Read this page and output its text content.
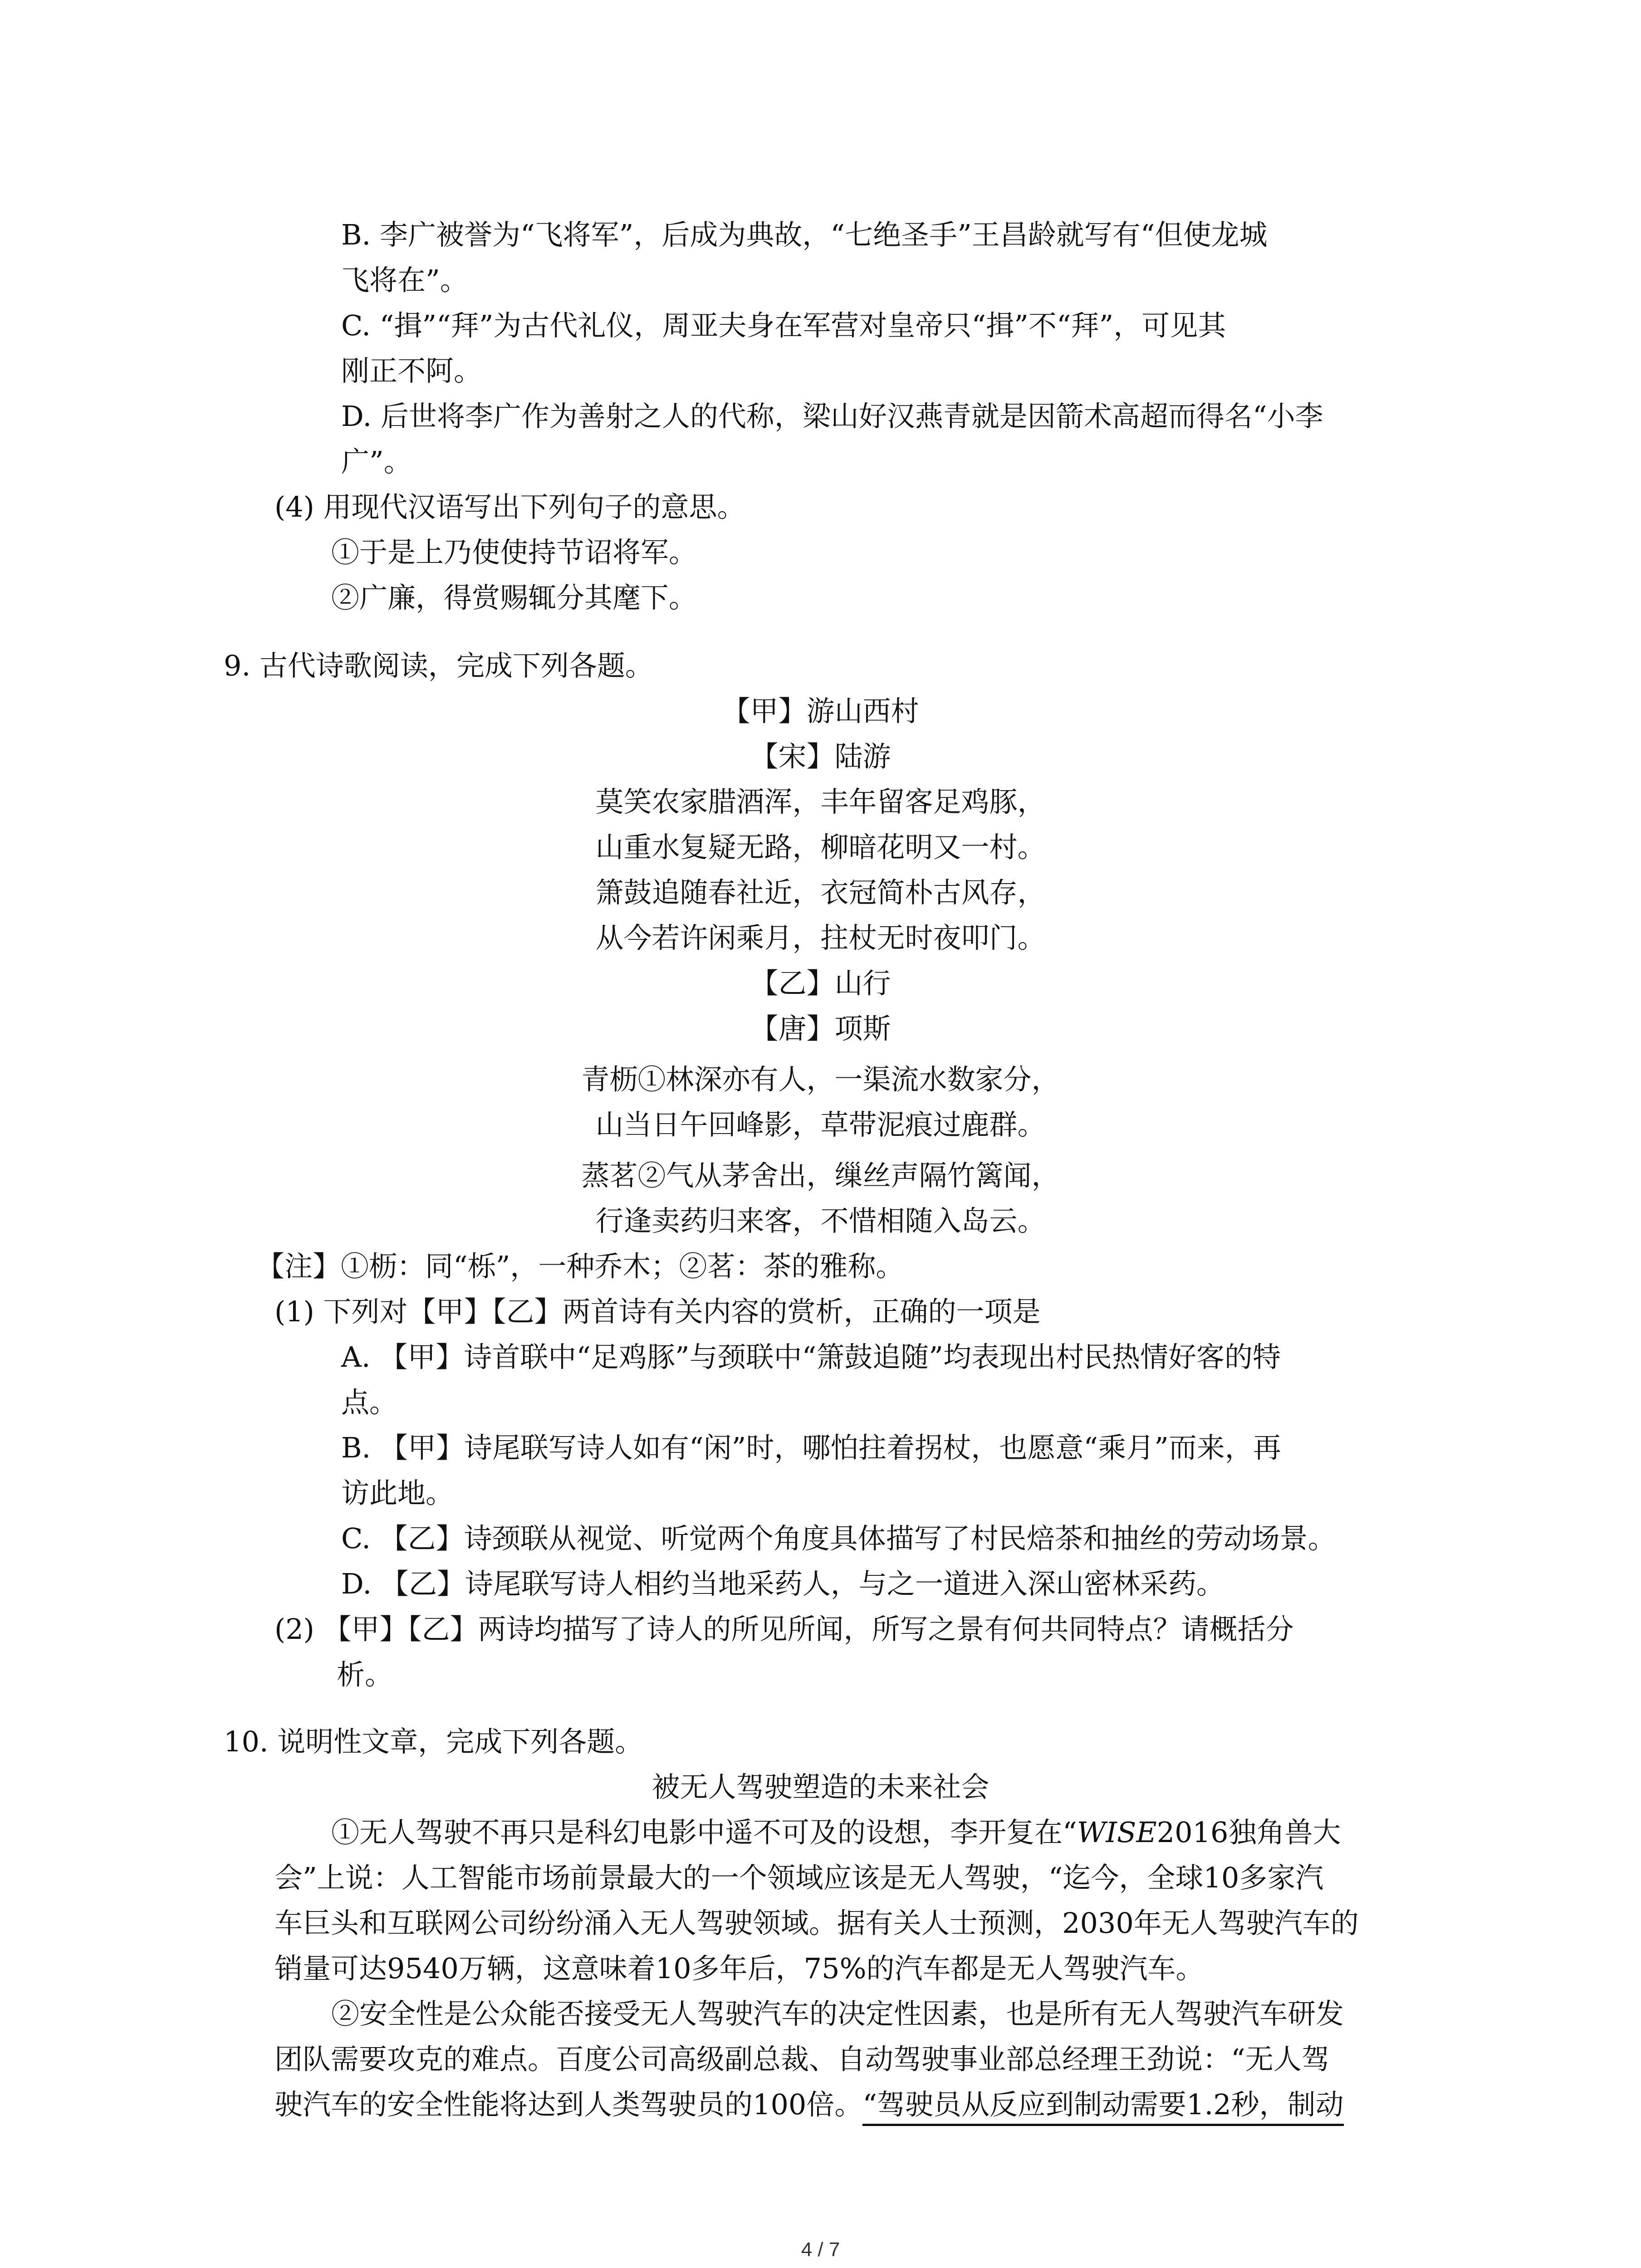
B. 李广被誉为“飞将军”，后成为典故，“七绝圣手”王昌龄就写有“但使龙城
飞将在”。
C. “揖”“拜”为古代礼仪，周亚夫身在军营对皇帝只“揖”不“拜”，可见其
刚正不阿。
D. 后世将李广作为善射之人的代称，梁山好汉燕青就是因箭术高超而得名“小李
广”。
(4) 用现代汉语写出下列句子的意思。
①于是上乃使使持节诏将军。
②广廉，得赏赐辄分其麾下。
9. 古代诗歌阅读，完成下列各题。
【甲】游山西村
【宋】陆游
莫笑农家腊酒浑，丰年留客足鸡豚，
山重水复疑无路，柳暗花明又一村。
箫鼓追随春社近，衣冠简朴古风存，
从今若许闲乘月，拄杖无时夜叩门。
【乙】山行
【唐】项斯
青枥①林深亦有人，一渠流水数家分，
山当日午回峰影，草带泥痕过鹿群。
蒸茗②气从茅舍出，缫丝声隔竹篱闻，
行逢卖药归来客，不惜相随入岛云。
【注】①枥：同“栎”，一种乔木；②茗：茶的雅称。
(1) 下列对【甲】【乙】两首诗有关内容的赏析，正确的一项是
A. 【甲】诗首联中“足鸡豚”与颈联中“箫鼓追随”均表现出村民热情好客的特
点。
B. 【甲】诗尾联写诗人如有“闲”时，哪怕拄着拐杖，也愿意“乘月”而来，再
访此地。
C. 【乙】诗颈联从视觉、听觉两个角度具体描写了村民焙茶和抽丝的劳动场景。
D. 【乙】诗尾联写诗人相约当地采药人，与之一道进入深山密林采药。
(2) 【甲】【乙】两诗均描写了诗人的所见所闻，所写之景有何共同特点？请概括分
析。
10. 说明性文章，完成下列各题。
被无人驾驶塑造的未来社会
①无人驾驶不再只是科幻电影中遥不可及的设想，李开复在“WISE2016独角兽大
会”上说：人工智能市场前景最大的一个领域应该是无人驾驶，“迄今，全球10多家汽
车巨头和互联网公司纷纷涌入无人驾驶领域。据有关人士预测，2030年无人驾驶汽车的
销量可达9540万辆，这意味着10多年后，75%的汽车都是无人驾驶汽车。
②安全性是公众能否接受无人驾驶汽车的决定性因素，也是所有无人驾驶汽车研发
团队需要攻克的难点。百度公司高级副总裁、自动驾驶事业部总经理王劲说：“无人驾
驶汽车的安全性能将达到人类驾驶员的100倍。“驾驶员从反应到制动需要1.2秒，制动
4 / 7
